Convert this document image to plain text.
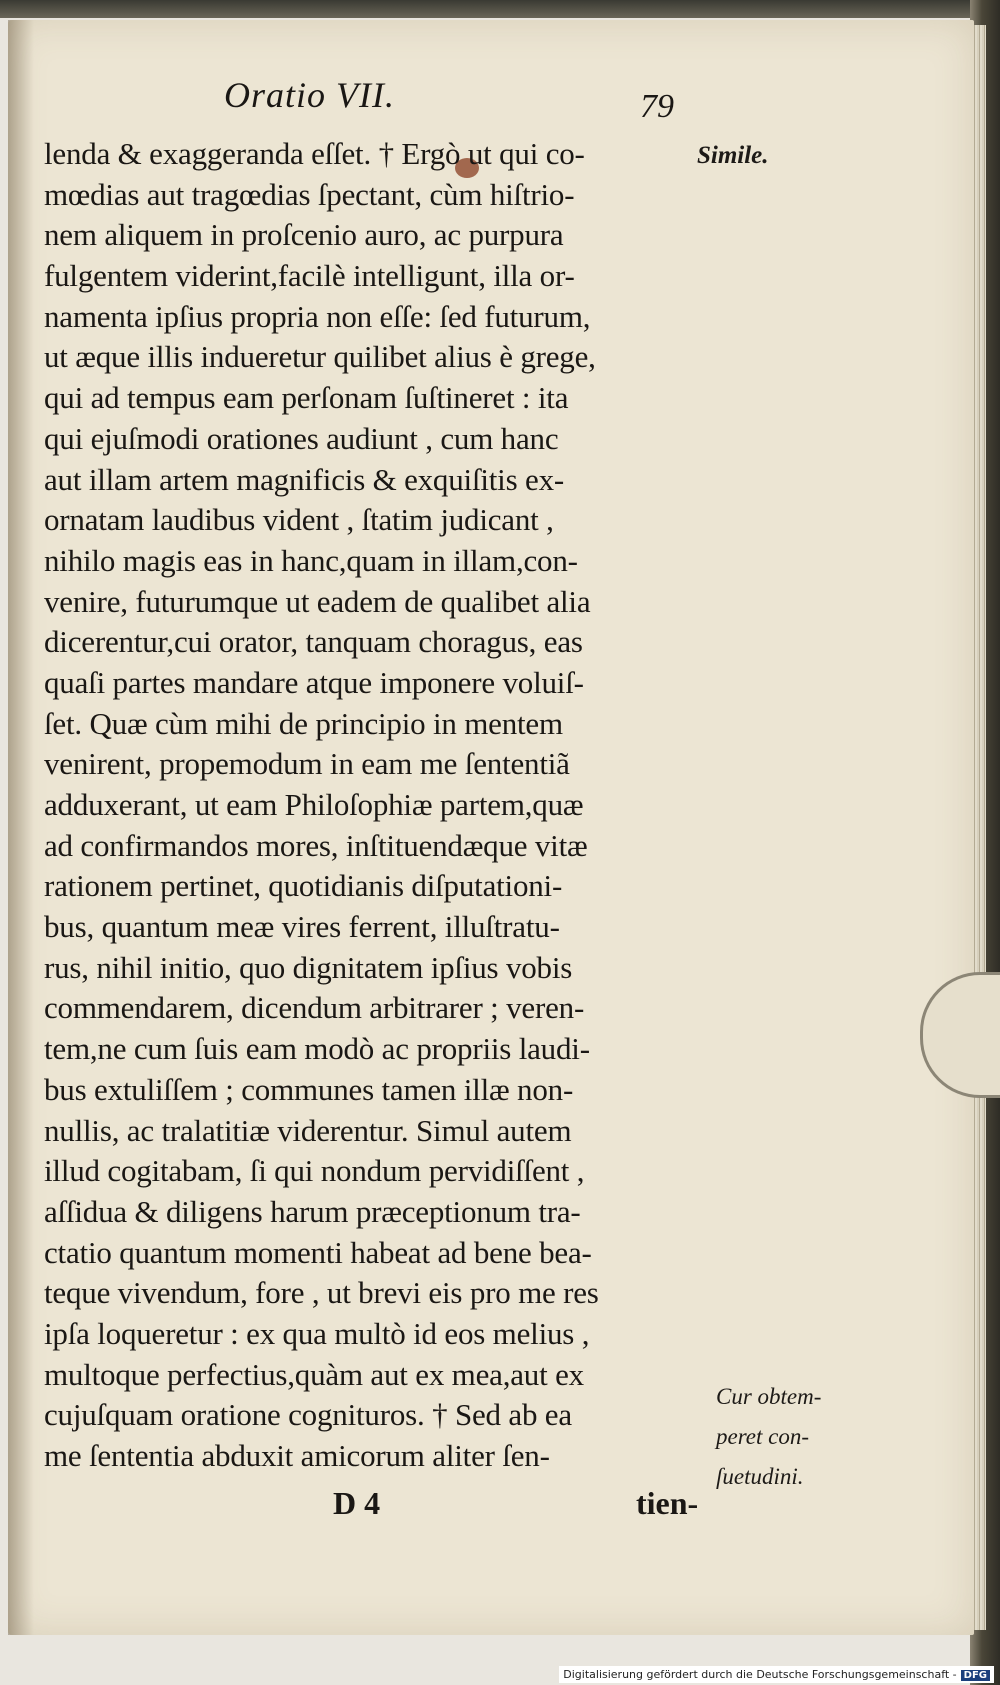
Oratio VII.	79
lenda & exaggeranda eſſet. † Ergò ut qui co-
mœdias aut tragœdias ſpectant, cùm hiſtrio-
nem aliquem in proſcenio auro, ac purpura
fulgentem viderint,facilè intelligunt, illa or-
namenta ipſius propria non eſſe: ſed futurum,
ut æque illis indueretur quilibet alius è grege,
qui ad tempus eam perſonam ſuſtineret : ita
qui ejuſmodi orationes audiunt , cum hanc
aut illam artem magnificis & exquiſitis ex-
ornatam laudibus vident , ſtatim judicant ,
nihilo magis eas in hanc,quam in illam,con-
venire, futurumque ut eadem de qualibet alia
dicerentur,cui orator, tanquam choragus, eas
quaſi partes mandare atque imponere voluiſ-
ſet. Quæ cùm mihi de principio in mentem
venirent, propemodum in eam me ſententiã
adduxerant, ut eam Philoſophiæ partem,quæ
ad confirmandos mores, inſtituendæque vitæ
rationem pertinet, quotidianis diſputationi-
bus, quantum meæ vires ferrent, illuſtratu-
rus, nihil initio, quo dignitatem ipſius vobis
commendarem, dicendum arbitrarer ; veren-
tem,ne cum ſuis eam modò ac propriis laudi-
bus extuliſſem ; communes tamen illæ non-
nullis, ac tralatitiæ viderentur. Simul autem
illud cogitabam, ſi qui nondum pervidiſſent ,
aſſidua & diligens harum præceptionum tra-
ctatio quantum momenti habeat ad bene bea-
teque vivendum, fore , ut brevi eis pro me res
ipſa loqueretur : ex qua multò id eos melius ,
multoque perfectius,quàm aut ex mea,aut ex
cujuſquam oratione cognituros. † Sed ab ea
me ſententia abduxit amicorum aliter ſen-
Simile.
Cur obtem-
peret con-
ſuetudini.
D 4	tien-
Digitalisierung gefördert durch die Deutsche Forschungsgemeinschaft - DFG
